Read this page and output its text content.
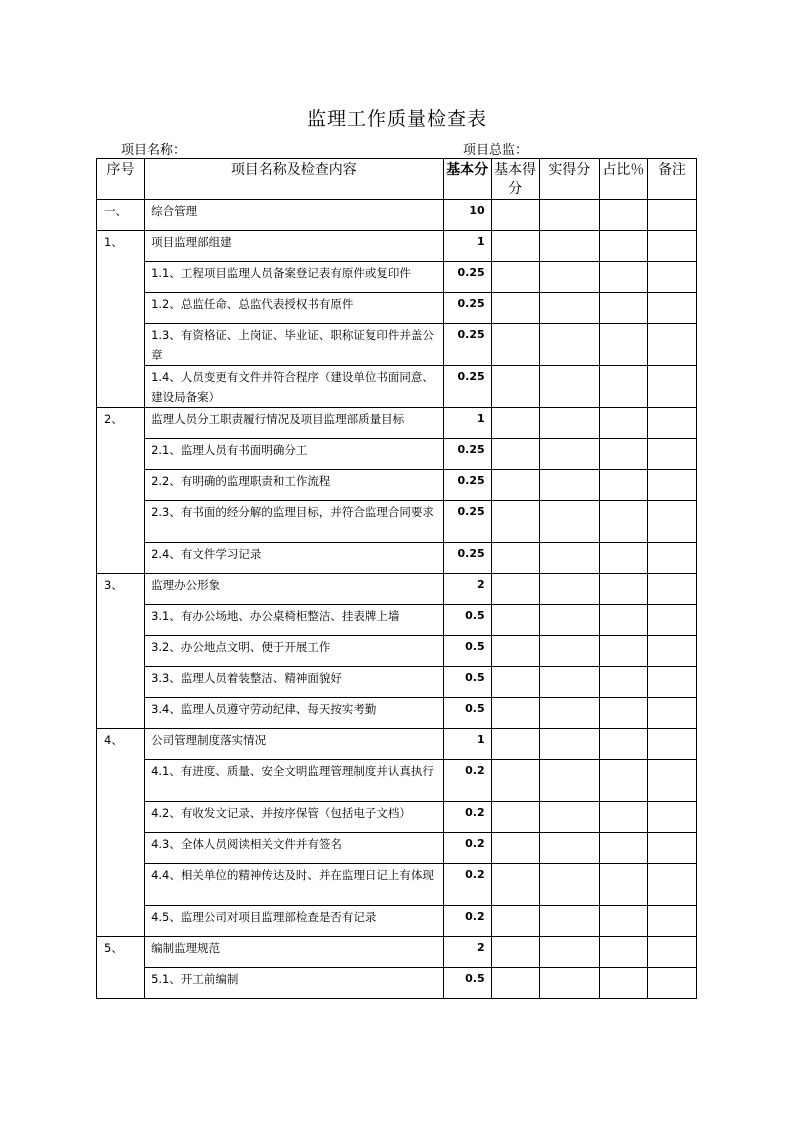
监理工作质量检查表
项目名称：	项目总监：
序号	项目名称及检查内容	基本分	基本得分	实得分	占比％	备注
一、	综合管理	10				
1、	项目监理部组建	1				
	1.1、工程项目监理人员备案登记表有原件或复印件	0.25				
	1.2、总监任命、总监代表授权书有原件	0.25				
	1.3、有资格证、上岗证、毕业证、职称证复印件并盖公章	0.25				
	1.4、人员变更有文件并符合程序（建设单位书面同意、建设局备案）	0.25				
2、	监理人员分工职责履行情况及项目监理部质量目标	1				
	2.1、监理人员有书面明确分工	0.25				
	2.2、有明确的监理职责和工作流程	0.25				
	2.3、有书面的经分解的监理目标，并符合监理合同要求	0.25				
	2.4、有文件学习记录	0.25				
3、	监理办公形象	2				
	3.1、有办公场地、办公桌椅柜整洁、挂表牌上墙	0.5				
	3.2、办公地点文明、便于开展工作	0.5				
	3.3、监理人员着装整洁、精神面貌好	0.5				
	3.4、监理人员遵守劳动纪律、每天按实考勤	0.5				
4、	公司管理制度落实情况	1				
	4.1、有进度、质量、安全文明监理管理制度并认真执行	0.2				
	4.2、有收发文记录、并按序保管（包括电子文档）	0.2				
	4.3、全体人员阅读相关文件并有签名	0.2				
	4.4、相关单位的精神传达及时、并在监理日记上有体现	0.2				
	4.5、监理公司对项目监理部检查是否有记录	0.2				
5、	编制监理规范	2				
	5.1、开工前编制	0.5				
